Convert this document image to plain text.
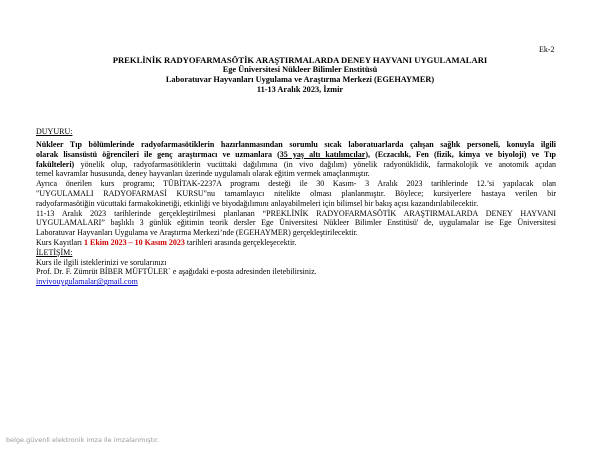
Ek-2
PREKLİNİK RADYOFARMASÖTİK ARAŞTIRMALARDA DENEY HAYVANI UYGULAMALARI
Ege Üniversitesi Nükleer Bilimler Enstitüsü
Laboratuvar Hayvanları Uygulama ve Araştırma Merkezi (EGEHAYMER)
11-13 Aralık 2023, İzmir
DUYURU:
Nükleer Tıp bölümlerinde radyofarmasötiklerin hazırlanmasından sorumlu sıcak laboratuarlarda çalışan sağlık personeli, konuyla ilgili
olarak lisansüstü öğrencileri ile genç araştırmacı ve uzmanlara (35 yaş altı katılımcılar), (Eczacılık, Fen (fizik, kimya ve biyoloji) ve Tıp
fakülteleri) yönelik olup, radyofarmasötiklerin vucüttaki dağılımına (in vivo dağılım) yönelik radyonüklidik, farmakolojik ve anotomik açıdan
temel kavramlar hususunda, deney hayvanları üzerinde uygulamalı olarak eğitim vermek amaçlanmıştır.
Ayrıca önerilen kurs programı; TÜBİTAK-2237A programı desteği ile 30 Kasım- 3 Aralık 2023 tarihlerinde 12.’si yapılacak olan
"UYGULAMALI RADYOFARMASİ KURSU"nu tamamlayıcı nitelikte olması planlanmıştır. Böylece; kursiyerlere hastaya verilen bir
radyofarmasötiğin vücuttaki farmakokinetiği, etkinliği ve biyodağılımını anlayabilmeleri için bilimsel bir bakış açısı kazandırılabilecektir.
11-13 Aralık 2023 tarihlerinde gerçekleştirilmesi planlanan “PREKLİNİK RADYOFARMASÖTİK ARAŞTIRMALARDA DENEY HAYVANI
UYGULAMALARI” başlıklı 3 günlük eğitimin teorik dersler Ege Üniversitesi Nükleer Bilimler Enstitüsü' de, uygulamalar ise Ege Üniversitesi
Laboratuvar Hayvanları Uygulama ve Araştırma Merkezi’nde (EGEHAYMER) gerçekleştirilecektir.
Kurs Kayıtları 1 Ekim 2023 – 10 Kasım 2023 tarihleri arasında gerçekleşecektir.
İLETİŞİM:
Kurs ile ilgili isteklerinizi ve sorularınızı
Prof. Dr. F. Zümrüt BİBER MÜFTÜLER` e aşağıdaki e-posta adresinden iletebilirsiniz.
invivouygulamalar@gmail.com
belge.güvenli elektronik imza ile imzalanmıştır.
